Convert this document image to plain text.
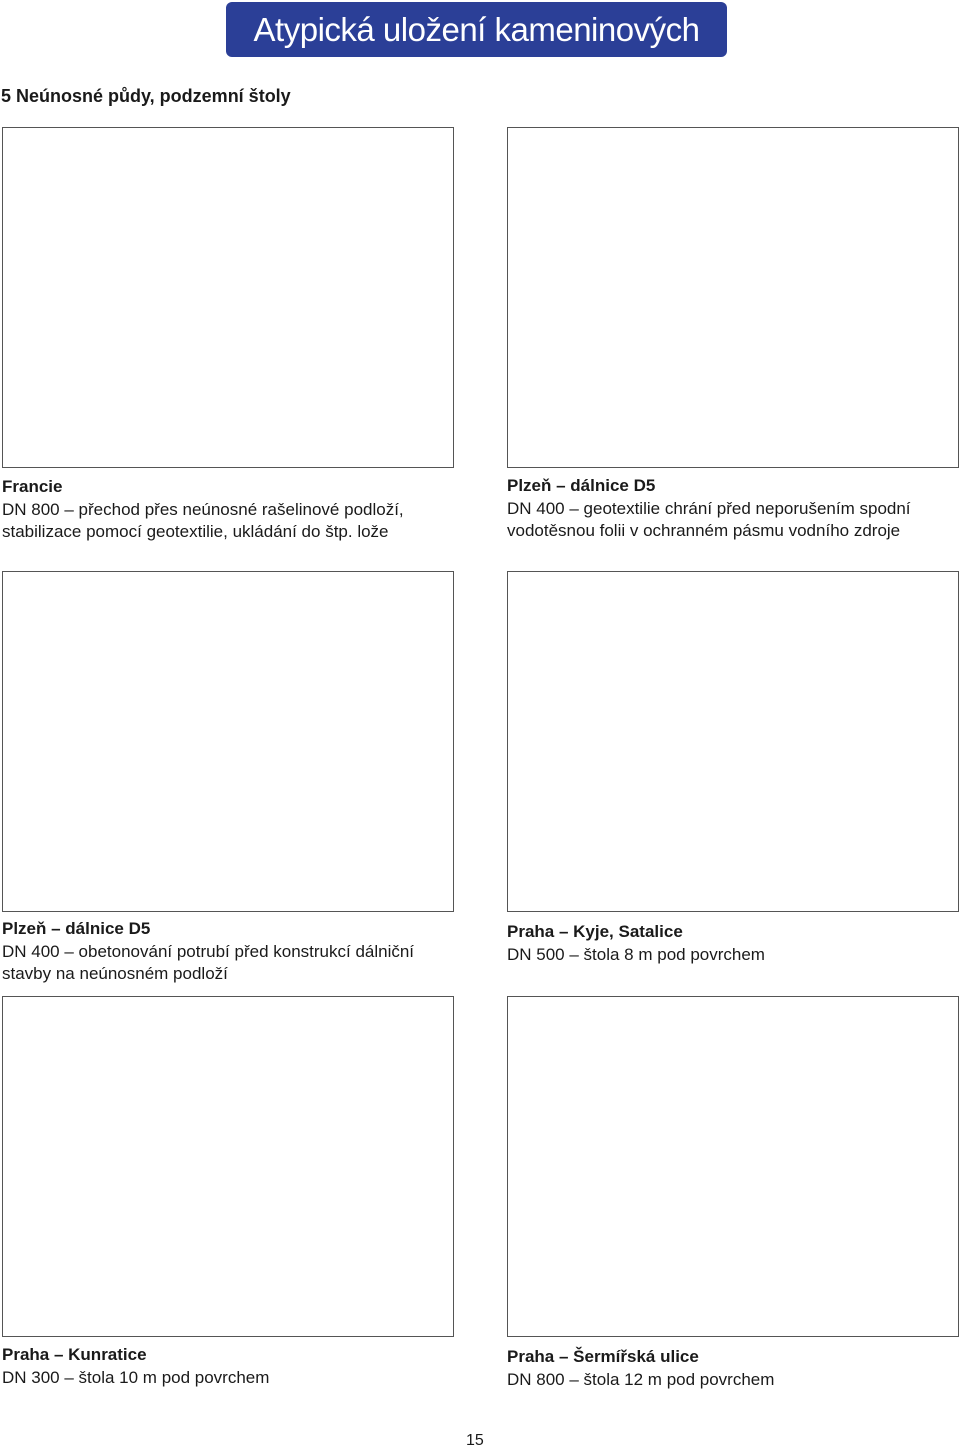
Atypická uložení kameninových trub
5 Neúnosné půdy, podzemní štoly
Francie
DN 800 – přechod přes neúnosné rašelinové podloží,
stabilizace pomocí geotextilie, ukládání do štp. lože
Plzeň – dálnice D5
DN 400 – geotextilie chrání před neporušením spodní
vodotěsnou folii v ochranném pásmu vodního zdroje
Plzeň – dálnice D5
DN 400 – obetonování potrubí před konstrukcí dálniční
stavby na neúnosném podloží
Praha – Kyje, Satalice
DN 500 – štola 8 m pod povrchem
Praha – Kunratice
DN 300 – štola 10 m pod povrchem
Praha – Šermířská ulice
DN 800 – štola 12 m pod povrchem
15
